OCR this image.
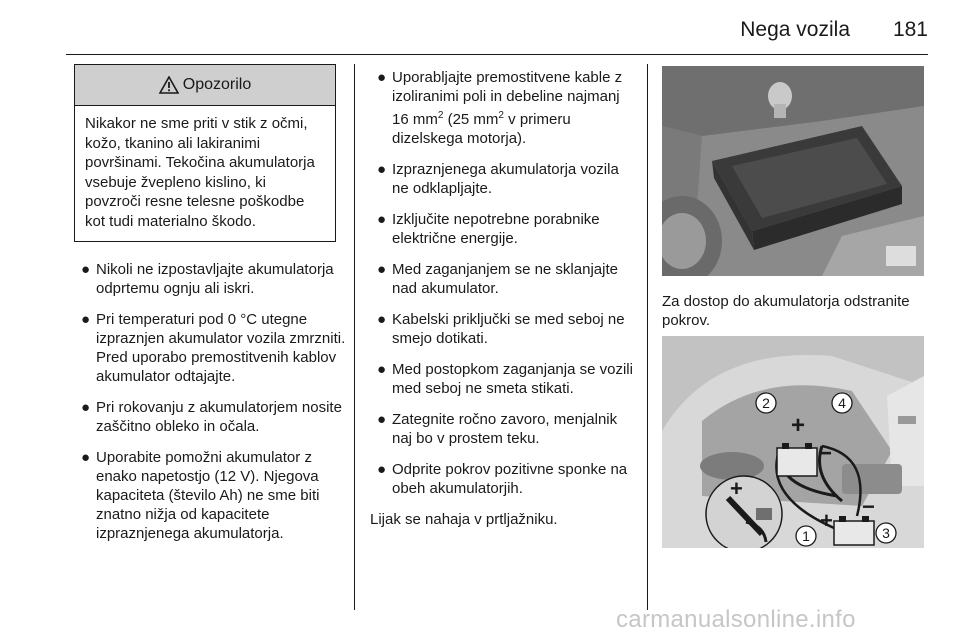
Nega vozila	181
Opozorilo
Nikakor ne sme priti v stik z očmi, kožo, tkanino ali lakiranimi površinami. Tekočina akumulatorja vsebuje žvepleno kislino, ki povzroči resne telesne poškodbe kot tudi materialno škodo.
● Nikoli ne izpostavljajte akumulatorja odprtemu ognju ali iskri.
● Pri temperaturi pod 0 °C utegne izpraznjen akumulator vozila zmrzniti. Pred uporabo premostitvenih kablov akumulator odtajajte.
● Pri rokovanju z akumulatorjem nosite zaščitno obleko in očala.
● Uporabite pomožni akumulator z enako napetostjo (12 V). Njegova kapaciteta (število Ah) ne sme biti znatno nižja od kapacitete izpraznjenega akumulatorja.
● Uporabljajte premostitvene kable z izoliranimi poli in debeline najmanj 16 $mm^2$ (25 $mm^2$ v primeru dizelskega motorja).
● Izpraznjenega akumulatorja vozila ne odklapljajte.
● Izključite nepotrebne porabnike električne energije.
● Med zaganjanjem se ne sklanjajte nad akumulator.
● Kabelski priključki se med seboj ne smejo dotikati.
● Med postopkom zaganjanja se vozili med seboj ne smeta stikati.
● Zategnite ročno zavoro, menjalnik naj bo v prostem teku.
● Odprite pokrov pozitivne sponke na obeh akumulatorjih.

Lijak se nahaja v prtljažniku.

Za dostop do akumulatorja odstranite pokrov.
+
−
+
+
−
1
2
3
4
carmanualsonline.info
